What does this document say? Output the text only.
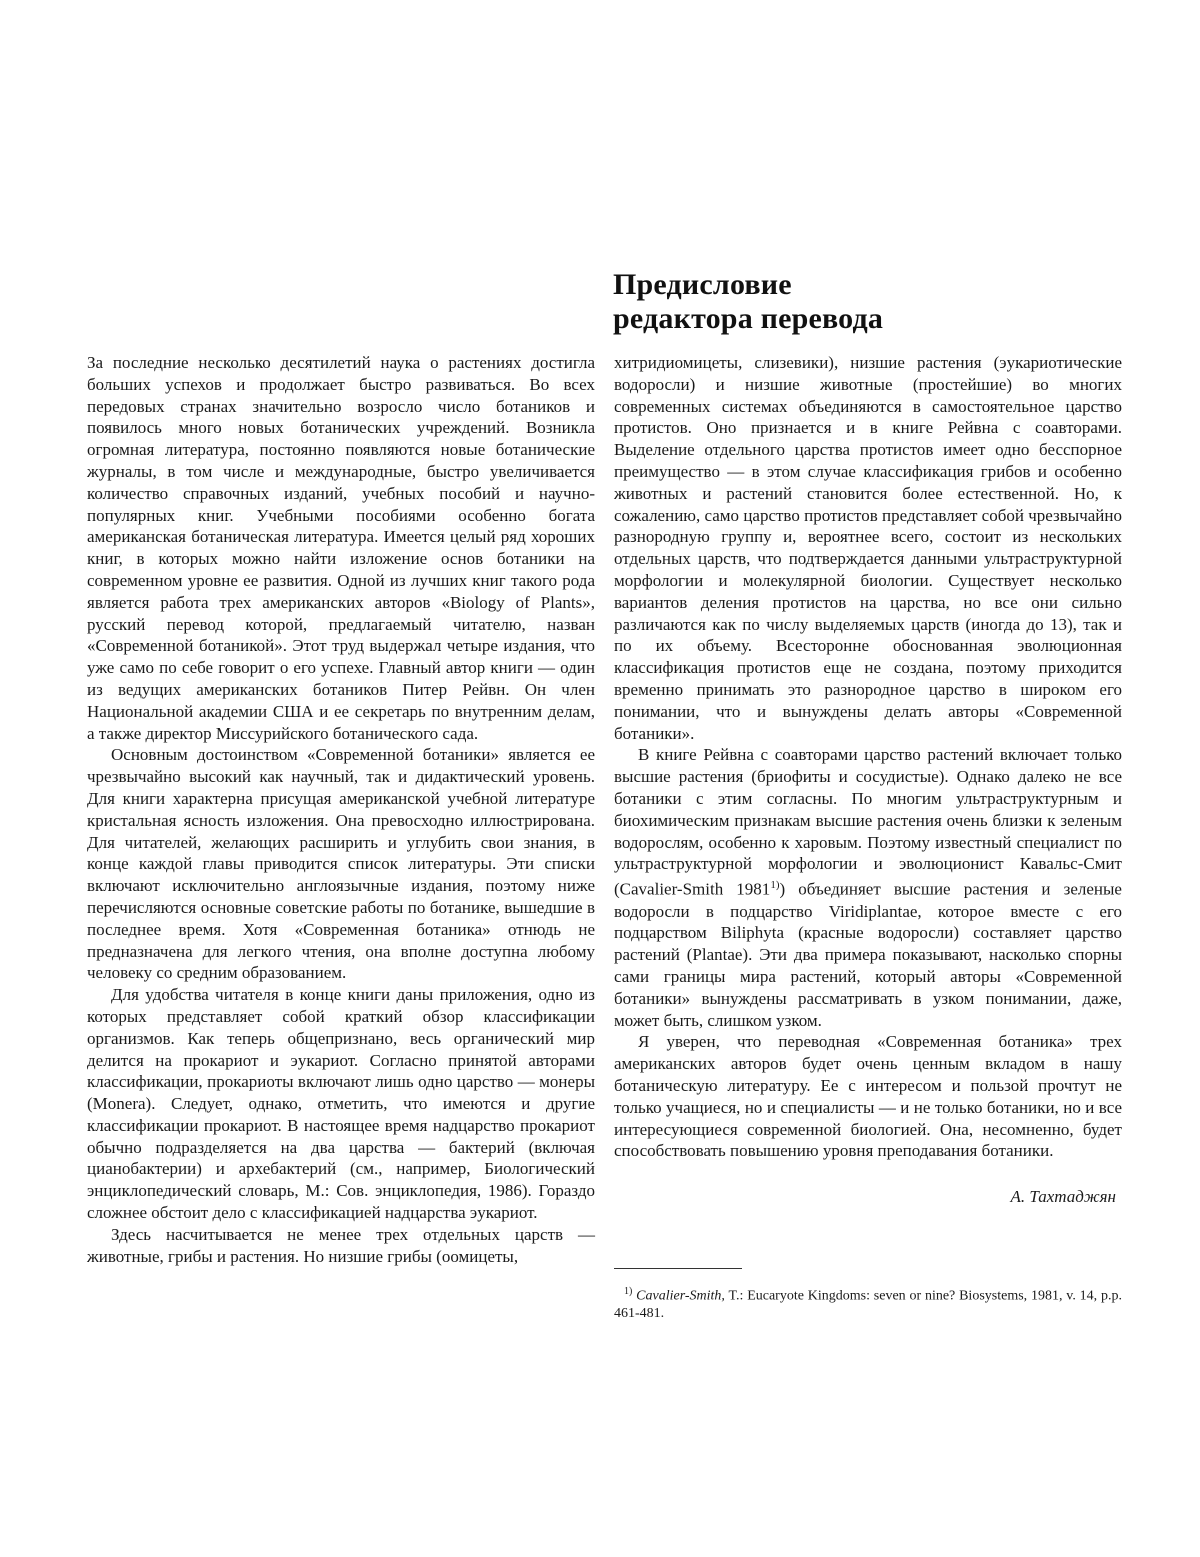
Предисловие
редактора перевода

За последние несколько десятилетий наука о растениях достигла больших успехов и продолжает быстро развиваться. Во всех передовых странах значительно возросло число ботаников и появилось много новых ботанических учреждений. Возникла огромная литература, постоянно появляются новые ботанические журналы, в том числе и международные, быстро увеличивается количество справочных изданий, учебных пособий и научно-популярных книг. Учебными пособиями особенно богата американская ботаническая литература. Имеется целый ряд хороших книг, в которых можно найти изложение основ ботаники на современном уровне ее развития. Одной из лучших книг такого рода является работа трех американских авторов «Biology of Plants», русский перевод которой, предлагаемый читателю, назван «Современной ботаникой». Этот труд выдержал четыре издания, что уже само по себе говорит о его успехе. Главный автор книги — один из ведущих американских ботаников Питер Рейвн. Он член Национальной академии США и ее секретарь по внутренним делам, а также директор Миссурийского ботанического сада.

Основным достоинством «Современной ботаники» является ее чрезвычайно высокий как научный, так и дидактический уровень. Для книги характерна присущая американской учебной литературе кристальная ясность изложения. Она превосходно иллюстрирована. Для читателей, желающих расширить и углубить свои знания, в конце каждой главы приводится список литературы. Эти списки включают исключительно англоязычные издания, поэтому ниже перечисляются основные советские работы по ботанике, вышедшие в последнее время. Хотя «Современная ботаника» отнюдь не предназначена для легкого чтения, она вполне доступна любому человеку со средним образованием.

Для удобства читателя в конце книги даны приложения, одно из которых представляет собой краткий обзор классификации организмов. Как теперь общепризнано, весь органический мир делится на прокариот и эукариот. Согласно принятой авторами классификации, прокариоты включают лишь одно царство — монеры (Monera). Следует, однако, отметить, что имеются и другие классификации прокариот. В настоящее время надцарство прокариот обычно подразделяется на два царства — бактерий (включая цианобактерии) и архебактерий (см., например, Биологический энциклопедический словарь, М.: Сов. энциклопедия, 1986). Гораздо сложнее обстоит дело с классификацией надцарства эукариот.

Здесь насчитывается не менее трех отдельных царств — животные, грибы и растения. Но низшие грибы (оомицеты,

хитридиомицеты, слизевики), низшие растения (эукариотические водоросли) и низшие животные (простейшие) во многих современных системах объединяются в самостоятельное царство протистов. Оно признается и в книге Рейвна с соавторами. Выделение отдельного царства протистов имеет одно бесспорное преимущество — в этом случае классификация грибов и особенно животных и растений становится более естественной. Но, к сожалению, само царство протистов представляет собой чрезвычайно разнородную группу и, вероятнее всего, состоит из нескольких отдельных царств, что подтверждается данными ультраструктурной морфологии и молекулярной биологии. Существует несколько вариантов деления протистов на царства, но все они сильно различаются как по числу выделяемых царств (иногда до 13), так и по их объему. Всесторонне обоснованная эволюционная классификация протистов еще не создана, поэтому приходится временно принимать это разнородное царство в широком его понимании, что и вынуждены делать авторы «Современной ботаники».

В книге Рейвна с соавторами царство растений включает только высшие растения (бриофиты и сосудистые). Однако далеко не все ботаники с этим согласны. По многим ультраструктурным и биохимическим признакам высшие растения очень близки к зеленым водорослям, особенно к харовым. Поэтому известный специалист по ультраструктурной морфологии и эволюционист Кавальс-Смит (Cavalier-Smith 1981$^{1)}$) объединяет высшие растения и зеленые водоросли в подцарство Viridiplantae, которое вместе с его подцарством Biliphyta (красные водоросли) составляет царство растений (Plantae). Эти два примера показывают, насколько спорны сами границы мира растений, который авторы «Современной ботаники» вынуждены рассматривать в узком понимании, даже, может быть, слишком узком.

Я уверен, что переводная «Современная ботаника» трех американских авторов будет очень ценным вкладом в нашу ботаническую литературу. Ее с интересом и пользой прочтут не только учащиеся, но и специалисты — и не только ботаники, но и все интересующиеся современной биологией. Она, несомненно, будет способствовать повышению уровня преподавания ботаники.

А. Тахтаджян
$^{1)}$ Cavalier-Smith, T.: Eucaryote Kingdoms: seven or nine? Biosystems, 1981, v. 14, p.p. 461-481.
